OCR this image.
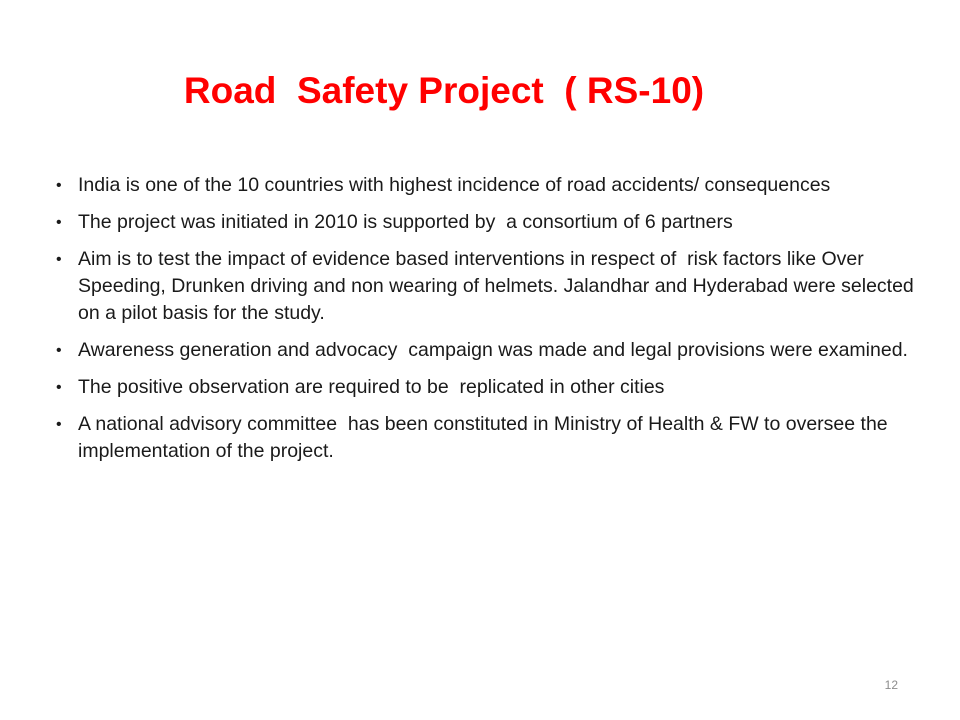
Road  Safety Project  ( RS-10)
• India is one of the 10 countries with highest incidence of road accidents/ consequences
• The project was initiated in 2010 is supported by  a consortium of 6 partners
• Aim is to test the impact of evidence based interventions in respect of  risk factors like Over Speeding, Drunken driving and non wearing of helmets. Jalandhar and Hyderabad were selected on a pilot basis for the study.
• Awareness generation and advocacy  campaign was made and legal provisions were examined.
• The positive observation are required to be  replicated in other cities
• A national advisory committee  has been constituted in Ministry of Health & FW to oversee the implementation of the project.
12
